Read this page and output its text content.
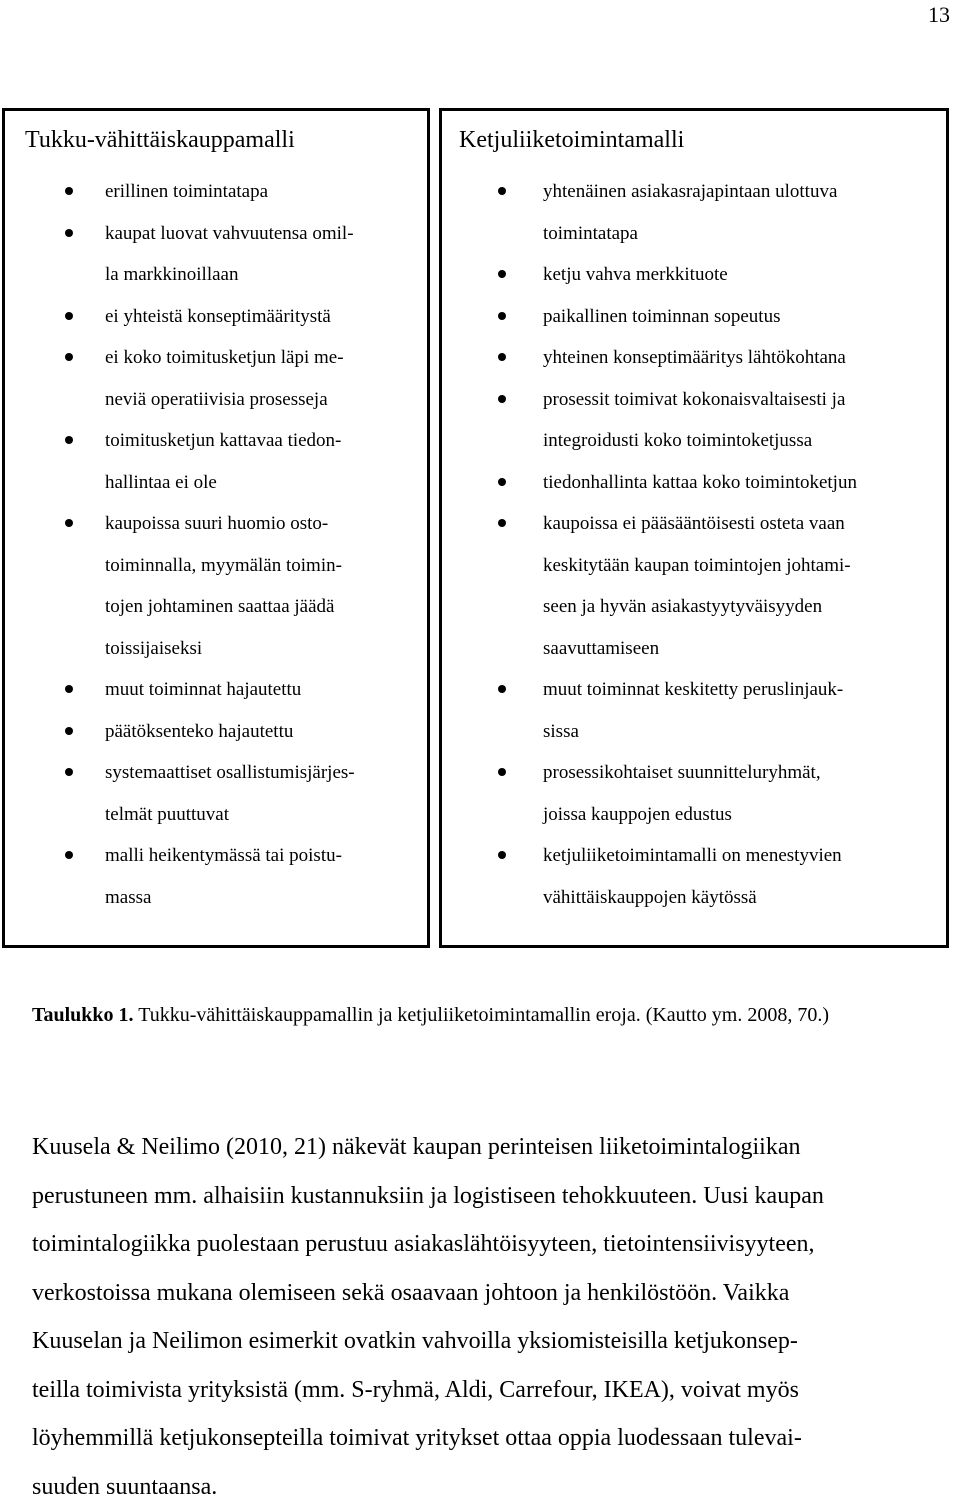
13
Tukku-vähittäiskauppamalli
erillinen toimintatapa
kaupat luovat vahvuutensa omil-
la markkinoillaan
ei yhteistä konseptimääritystä
ei koko toimitusketjun läpi me-
neviä operatiivisia prosesseja
toimitusketjun kattavaa tiedon-
hallintaa ei ole
kaupoissa suuri huomio osto-
toiminnalla, myymälän toimin-
tojen johtaminen saattaa jäädä
toissijaiseksi
muut toiminnat hajautettu
päätöksenteko hajautettu
systemaattiset osallistumisjärjes-
telmät puuttuvat
malli heikentymässä tai poistu-
massa
Ketjuliiketoimintamalli
yhtenäinen asiakasrajapintaan ulottuva
toimintatapa
ketju vahva merkkituote
paikallinen toiminnan sopeutus
yhteinen konseptimääritys lähtökohtana
prosessit toimivat kokonaisvaltaisesti ja
integroidusti koko toimintoketjussa
tiedonhallinta kattaa koko toimintoketjun
kaupoissa ei pääsääntöisesti osteta vaan
keskitytään kaupan toimintojen johtami-
seen ja hyvän asiakastyytyväisyyden
saavuttamiseen
muut toiminnat keskitetty peruslinjauk-
sissa
prosessikohtaiset suunnitteluryhmät,
joissa kauppojen edustus
ketjuliiketoimintamalli on menestyvien
vähittäiskauppojen käytössä
Taulukko 1. Tukku-vähittäiskauppamallin ja ketjuliiketoimintamallin eroja. (Kautto ym. 2008, 70.)
Kuusela & Neilimo (2010, 21) näkevät kaupan perinteisen liiketoimintalogiikan
perustuneen mm. alhaisiin kustannuksiin ja logistiseen tehokkuuteen. Uusi kaupan
toimintalogiikka puolestaan perustuu asiakaslähtöisyyteen, tietointensiivisyyteen,
verkostoissa mukana olemiseen sekä osaavaan johtoon ja henkilöstöön. Vaikka
Kuuselan ja Neilimon esimerkit ovatkin vahvoilla yksiomisteisilla ketjukonsep-
teilla toimivista yrityksistä (mm. S-ryhmä, Aldi, Carrefour, IKEA), voivat myös
löyhemmillä ketjukonsepteilla toimivat yritykset ottaa oppia luodessaan tulevai-
suuden suuntaansa.
